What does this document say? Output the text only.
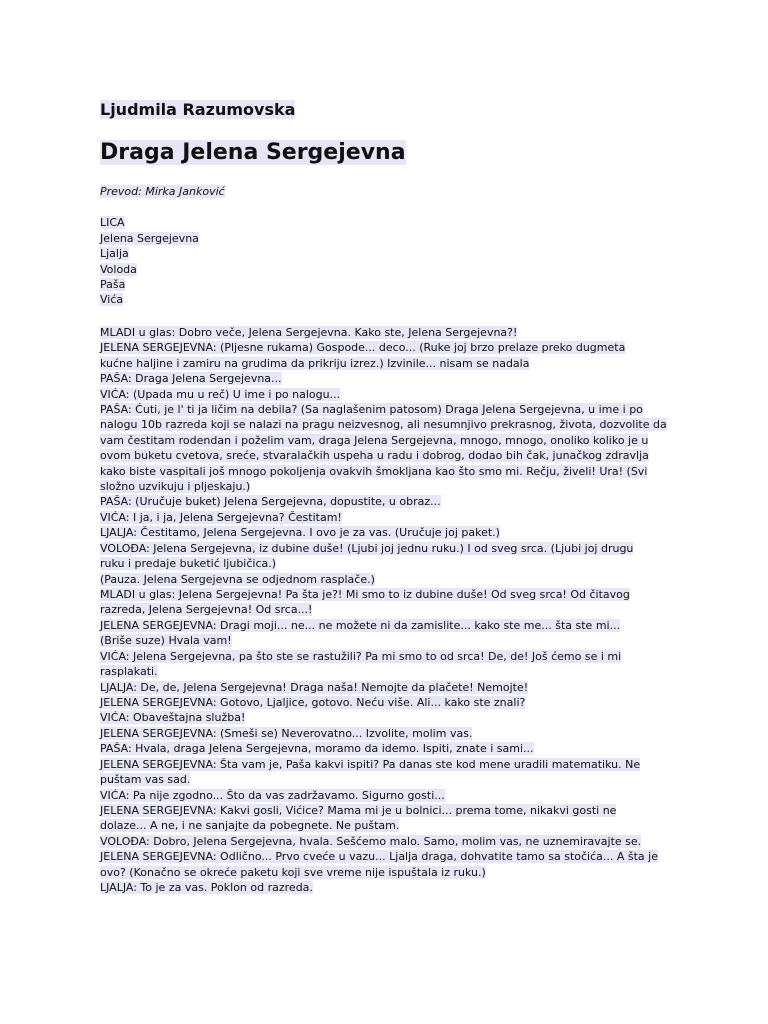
Ljudmila Razumovska
Draga Jelena Sergejevna
Prevod: Mirka Janković
LICA
Jelena Sergejevna
Ljalja
Voloda
Paša
Vića
MLADI u glas: Dobro veče, Jelena Sergejevna. Kako ste, Jelena Sergejevna?!
JELENA SERGEJEVNA: (Pljesne rukama) Gospode... deco... (Ruke joj brzo prelaze preko dugmeta
kućne haljine i zamiru na grudima da prikriju izrez.) Izvinile... nisam se nadala
PAŠA: Draga Jelena Sergejevna...
VIĆA: (Upada mu u reč) U ime i po nalogu...
PAŠA: Ćuti, je l' ti ja ličim na debila? (Sa naglašenim patosom) Draga Jelena Sergejevna, u ime i po
nalogu 10b razreda koji se nalazi na pragu neizvesnog, ali nesumnjivo prekrasnog, života, dozvolite da
vam čestitam rodendan i poželim vam, draga Jelena Sergejevna, mnogo, mnogo, onoliko koliko je u
ovom buketu cvetova, sreće, stvaralačkih uspeha u radu i dobrog, dodao bih čak, junačkog zdravlja
kako biste vaspitali još mnogo pokoljenja ovakvih šmokljana kao što smo mi. Rečju, živeli! Ura! (Svi
složno uzvikuju i pljeskaju.)
PAŠA: (Uručuje buket) Jelena Sergejevna, dopustite, u obraz...
VIĆA: I ja, i ja, Jelena Sergejevna? Čestitam!
LJALJA: Čestitamo, Jelena Sergejevna. I ovo je za vas. (Uručuje joj paket.)
VOLOĐA: Jelena Sergejevna, iz dubine duše! (Ljubi joj jednu ruku.) I od sveg srca. (Ljubi joj drugu
ruku i predaje buketić ljubičica.)
(Pauza. Jelena Sergejevna se odjednom rasplače.)
MLADI u glas: Jelena Sergejevna! Pa šta je?! Mi smo to iz dubine duše! Od sveg srca! Od čitavog
razreda, Jelena Sergejevna! Od srca...!
JELENA SERGEJEVNA: Dragi moji... ne... ne možete ni da zamislite... kako ste me... šta ste mi...
(Briše suze) Hvala vam!
VIĆA: Jelena Sergejevna, pa što ste se rastužili? Pa mi smo to od srca! De, de! Još ćemo se i mi
rasplakati.
LJALJA: De, de, Jelena Sergejevna! Draga naša! Nemojte da plačete! Nemojte!
JELENA SERGEJEVNA: Gotovo, Ljaljice, gotovo. Neću više. Ali... kako ste znali?
VIĆA: Obaveštajna služba!
JELENA SERGEJEVNA: (Smeši se) Neverovatno... Izvolite, molim vas.
PAŠA: Hvala, draga Jelena Sergejevna, moramo da idemo. Ispiti, znate i sami...
JELENA SERGEJEVNA: Šta vam je, Paša kakvi ispiti? Pa danas ste kod mene uradili matematiku. Ne
puštam vas sad.
VIĆA: Pa nije zgodno... Što da vas zadržavamo. Sigurno gosti...
JELENA SERGEJEVNA: Kakvi gosli, Vićice? Mama mi je u bolnici... prema tome, nikakvi gosti ne
dolaze... A ne, i ne sanjajte da pobegnete. Ne puštam.
VOLOĐA: Dobro, Jelena Sergejevna, hvala. Sešćemo malo. Samo, molim vas, ne uznemiravajte se.
JELENA SERGEJEVNA: Odlično... Prvo cveće u vazu... Ljalja draga, dohvatite tamo sa stočića... A šta je
ovo? (Konačno se okreće paketu koji sve vreme nije ispuštala iz ruku.)
LJALJA: To je za vas. Poklon od razreda.
